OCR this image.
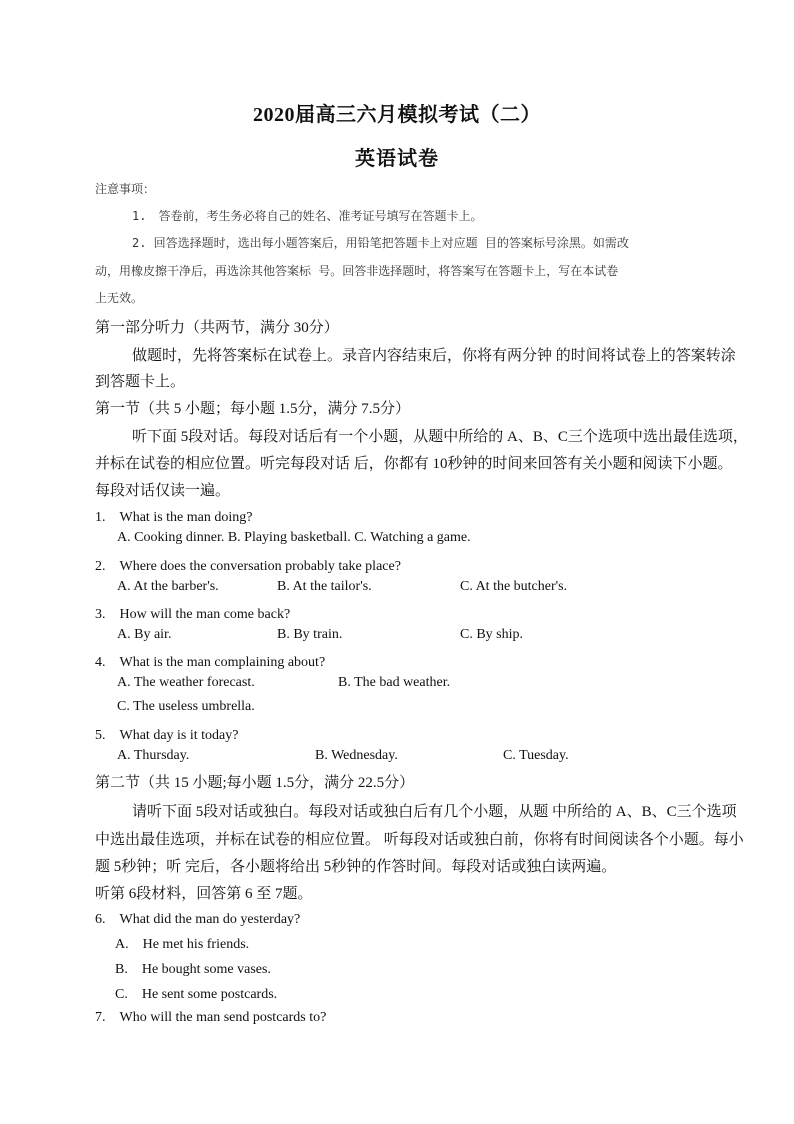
2020届高三六月模拟考试（二）
英语试卷
注意事项：
1.　答卷前，考生务必将自己的姓名、准考证号填写在答题卡上。
2. 回答选择题时，选出每小题答案后，用铅笔把答题卡上对应题 目的答案标号涂黑。如需改
动，用橡皮擦干净后，再选涂其他答案标 号。回答非选择题时，将答案写在答题卡上，写在本试卷
上无效。
第一部分听力（共两节，满分 30分）
做题时，先将答案标在试卷上。录音内容结束后，你将有两分钟 的时间将试卷上的答案转涂
到答题卡上。
第一节（共 5 小题；每小题 1.5分，满分 7.5分）
听下面 5段对话。每段对话后有一个小题，从题中所给的 A、B、C三个选项中选出最佳选项，
并标在试卷的相应位置。听完每段对话 后，你都有 10秒钟的时间来回答有关小题和阅读下小题。
每段对话仅读一遍。
1.　What is the man doing?
A. Cooking dinner. B. Playing basketball. C. Watching a game.
2.　Where does the conversation probably take place?
A. At the barber's.	B. At the tailor's.	C. At the butcher's.
3.　How will the man come back?
A. By air.	B. By train.	C. By ship.
4.　What is the man complaining about?
A. The weather forecast.	B. The bad weather.
C. The useless umbrella.
5.　What day is it today?
A. Thursday.	B. Wednesday.	C. Tuesday.
第二节（共 15 小题;每小题 1.5分，满分 22.5分）
请听下面 5段对话或独白。每段对话或独白后有几个小题，从题 中所给的 A、B、C三个选项
中选出最佳选项，并标在试卷的相应位置。 听每段对话或独白前，你将有时间阅读各个小题。每小
题 5秒钟；听 完后，各小题将给出 5秒钟的作答时间。每段对话或独白读两遍。
听第 6段材料，回答第 6 至 7题。
6.　What did the man do yesterday?
A.　He met his friends.
B.　He bought some vases.
C.　He sent some postcards.
7.　Who will the man send postcards to?
